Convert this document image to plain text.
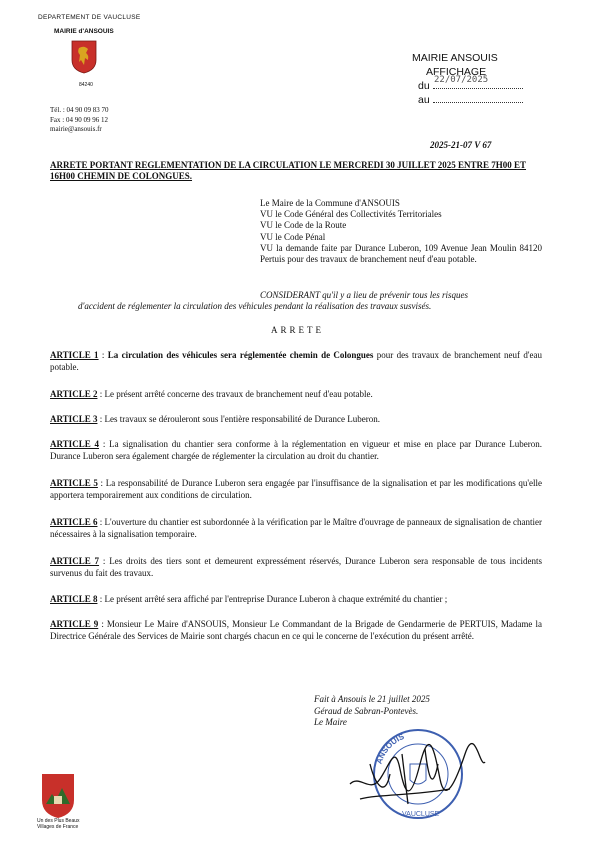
DEPARTEMENT DE VAUCLUSE
MAIRIE d'ANSOUIS
84240
Tél. : 04 90 09 83 70
Fax : 04 90 09 96 12
mairie@ansouis.fr
MAIRIE ANSOUIS
AFFICHAGE
du 22/07/2025
au
2025-21-07 V 67
ARRETE PORTANT REGLEMENTATION DE LA CIRCULATION LE MERCREDI 30 JUILLET 2025 ENTRE 7H00 ET 16H00 CHEMIN DE COLONGUES.

Le Maire de la Commune d'ANSOUIS

VU le Code Général des Collectivités Territoriales

VU le Code de la Route

VU le Code Pénal

VU la demande faite par Durance Luberon, 109 Avenue Jean Moulin 84120 Pertuis pour des travaux de branchement neuf d'eau potable.

CONSIDERANT qu'il y a lieu de prévenir tous les risques
d'accident de réglementer la circulation des véhicules pendant la réalisation des travaux susvisés.
ARRETE
ARTICLE 1 : La circulation des véhicules sera réglementée chemin de Colongues pour des travaux de branchement neuf d'eau potable.
ARTICLE 2 : Le présent arrêté concerne des travaux de branchement neuf d'eau potable.
ARTICLE 3 : Les travaux se dérouleront sous l'entière responsabilité de Durance Luberon.
ARTICLE 4 : La signalisation du chantier sera conforme à la réglementation en vigueur et mise en place par Durance Luberon. Durance Luberon sera également chargée de réglementer la circulation au droit du chantier.
ARTICLE 5 : La responsabilité de Durance Luberon sera engagée par l'insuffisance de la signalisation et par les modifications qu'elle apportera temporairement aux conditions de circulation.
ARTICLE 6 : L'ouverture du chantier est subordonnée à la vérification par le Maître d'ouvrage de panneaux de signalisation de chantier nécessaires à la signalisation temporaire.
ARTICLE 7 : Les droits des tiers sont et demeurent expressément réservés, Durance Luberon sera responsable de tous incidents survenus du fait des travaux.
ARTICLE 8 : Le présent arrêté sera affiché par l'entreprise Durance Luberon à chaque extrémité du chantier ;
ARTICLE 9 : Monsieur Le Maire d'ANSOUIS, Monsieur Le Commandant de la Brigade de Gendarmerie de PERTUIS, Madame la Directrice Générale des Services de Mairie sont chargés chacun en ce qui le concerne de l'exécution du présent arrêté.
Fait à Ansouis le 21 juillet 2025
Géraud de Sabran-Pontevès.
Le Maire
ANSOUIS
VAUCLUSE
Un des Plus Beaux Villages de France
